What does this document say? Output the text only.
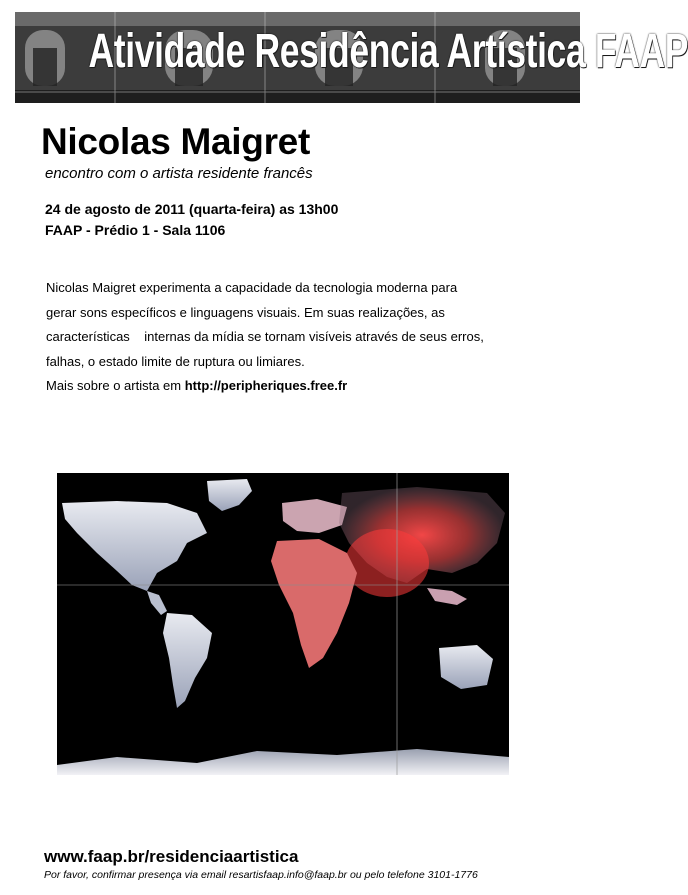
Atividade Residência Artística FAAP
Nicolas Maigret
encontro com o artista residente francês
24 de agosto de 2011 (quarta-feira) as 13h00
FAAP - Prédio 1 - Sala 1106
Nicolas Maigret experimenta a capacidade da tecnologia moderna para
gerar sons específicos e linguagens visuais. Em suas realizações, as
características    internas da mídia se tornam visíveis através de seus erros,
falhas, o estado limite de ruptura ou limiares.
Mais sobre o artista em http://peripheriques.free.fr
www.faap.br/residenciaartistica
Por favor, confirmar presença via email resartisfaap.info@faap.br ou pelo telefone 3101-1776
